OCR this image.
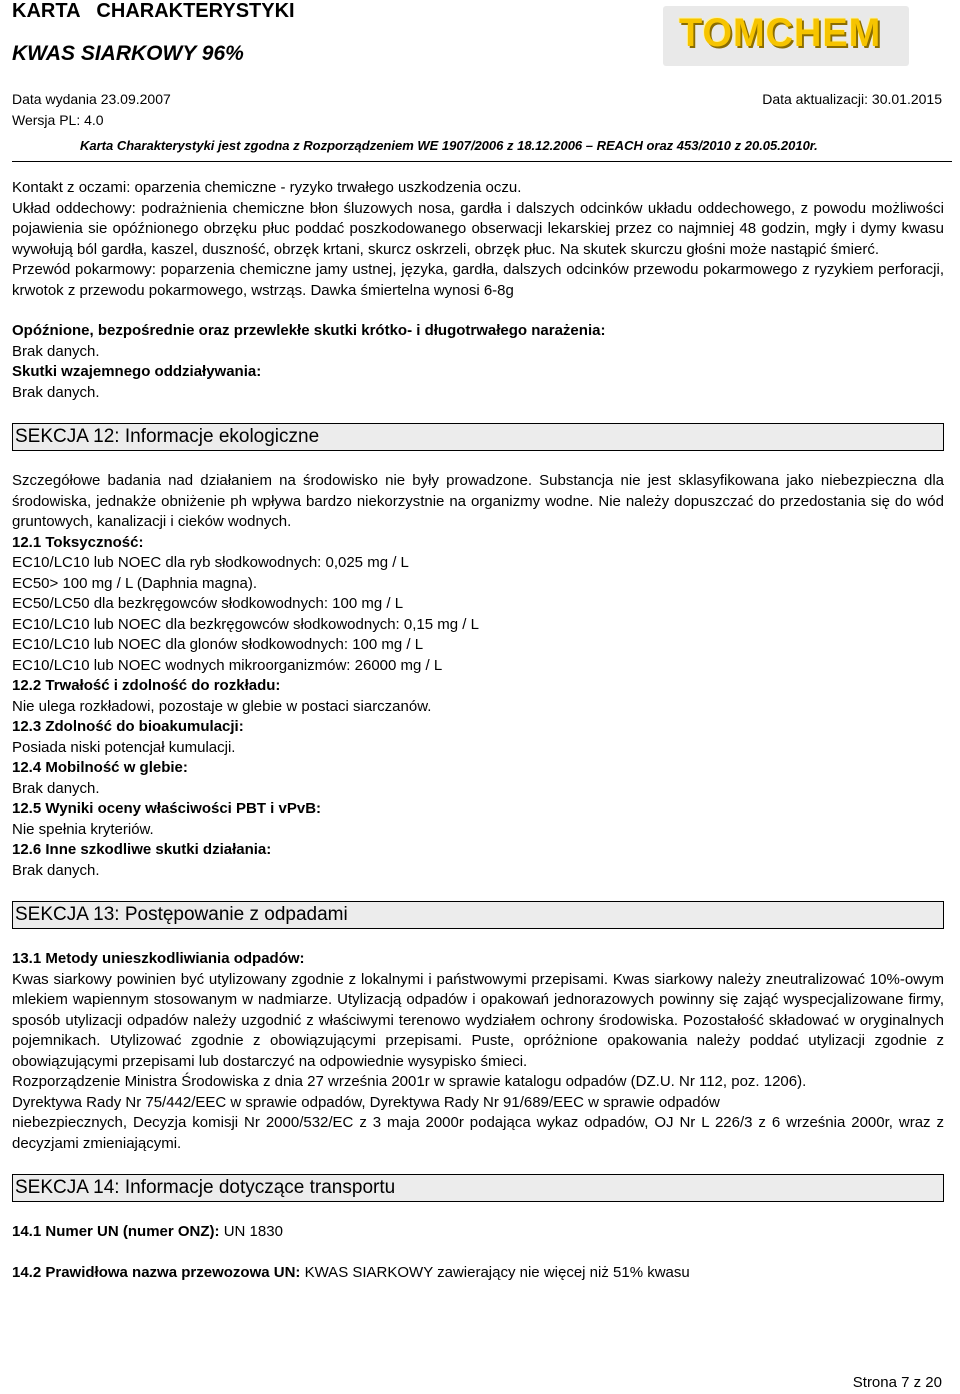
KARTA   CHARAKTERYSTYKI
KWAS SIARKOWY 96%	TOMCHEM
Data wydania 23.09.2007	Data aktualizacji: 30.01.2015
Wersja PL: 4.0
Karta Charakterystyki jest zgodna z Rozporządzeniem WE 1907/2006 z 18.12.2006 – REACH oraz 453/2010 z 20.05.2010r.

Kontakt z oczami: oparzenia chemiczne - ryzyko trwałego uszkodzenia oczu.

Układ oddechowy: podrażnienia chemiczne błon śluzowych nosa, gardła i dalszych odcinków układu oddechowego, z powodu możliwości pojawienia sie opóźnionego obrzęku płuc poddać poszkodowanego obserwacji lekarskiej przez co najmniej 48 godzin, mgły i dymy kwasu wywołują ból gardła, kaszel, duszność, obrzęk krtani, skurcz oskrzeli, obrzęk płuc. Na skutek skurczu głośni może nastąpić śmierć.

Przewód pokarmowy: poparzenia chemiczne jamy ustnej, języka, gardła, dalszych odcinków przewodu pokarmowego z ryzykiem perforacji, krwotok z przewodu pokarmowego, wstrząs. Dawka śmiertelna wynosi 6-8g

Opóźnione, bezpośrednie oraz przewlekłe skutki krótko- i długotrwałego narażenia:

Brak danych.

Skutki wzajemnego oddziaływania:

Brak danych.

SEKCJA 12: Informacje ekologiczne

Szczegółowe badania nad działaniem na środowisko nie były prowadzone. Substancja nie jest sklasyfikowana jako niebezpieczna dla środowiska, jednakże obniżenie ph wpływa bardzo niekorzystnie na organizmy wodne. Nie należy dopuszczać do przedostania się do wód gruntowych, kanalizacji i cieków wodnych.

12.1 Toksyczność:

EC10/LC10 lub NOEC dla ryb słodkowodnych: 0,025 mg / L

EC50> 100 mg / L (Daphnia magna).

EC50/LC50 dla bezkręgowców słodkowodnych: 100 mg / L

EC10/LC10 lub NOEC dla bezkręgowców słodkowodnych: 0,15 mg / L

EC10/LC10 lub NOEC dla glonów słodkowodnych: 100 mg / L

EC10/LC10 lub NOEC wodnych mikroorganizmów: 26000 mg / L

12.2 Trwałość i zdolność do rozkładu:

Nie ulega rozkładowi, pozostaje w glebie w postaci siarczanów.

12.3 Zdolność do bioakumulacji:

Posiada niski potencjał kumulacji.

12.4 Mobilność w glebie:

Brak danych.

12.5 Wyniki oceny właściwości PBT i vPvB:

Nie spełnia kryteriów.

12.6 Inne szkodliwe skutki działania:

Brak danych.

SEKCJA 13: Postępowanie z odpadami

13.1 Metody unieszkodliwiania odpadów:

Kwas siarkowy powinien być utylizowany zgodnie z lokalnymi i państwowymi przepisami. Kwas siarkowy należy zneutralizować 10%-owym mlekiem wapiennym stosowanym w nadmiarze. Utylizacją odpadów i opakowań jednorazowych powinny się zająć wyspecjalizowane firmy, sposób utylizacji odpadów należy uzgodnić z właściwymi terenowo wydziałem ochrony środowiska. Pozostałość składować w oryginalnych pojemnikach. Utylizować zgodnie z obowiązującymi przepisami. Puste, opróżnione opakowania należy poddać utylizacji zgodnie z obowiązującymi przepisami lub dostarczyć na odpowiednie wysypisko śmieci.

Rozporządzenie Ministra Środowiska z dnia 27 września 2001r w sprawie katalogu odpadów (DZ.U. Nr 112, poz. 1206).

Dyrektywa Rady Nr 75/442/EEC w sprawie odpadów, Dyrektywa Rady Nr 91/689/EEC w sprawie odpadów

niebezpiecznych, Decyzja komisji Nr 2000/532/EC z 3 maja 2000r podająca wykaz odpadów, OJ Nr L 226/3 z 6 września 2000r, wraz z decyzjami zmieniającymi.

SEKCJA 14: Informacje dotyczące transportu

14.1 Numer UN (numer ONZ): UN 1830

14.2 Prawidłowa nazwa przewozowa UN: KWAS SIARKOWY zawierający nie więcej niż 51% kwasu

Strona 7 z 20
